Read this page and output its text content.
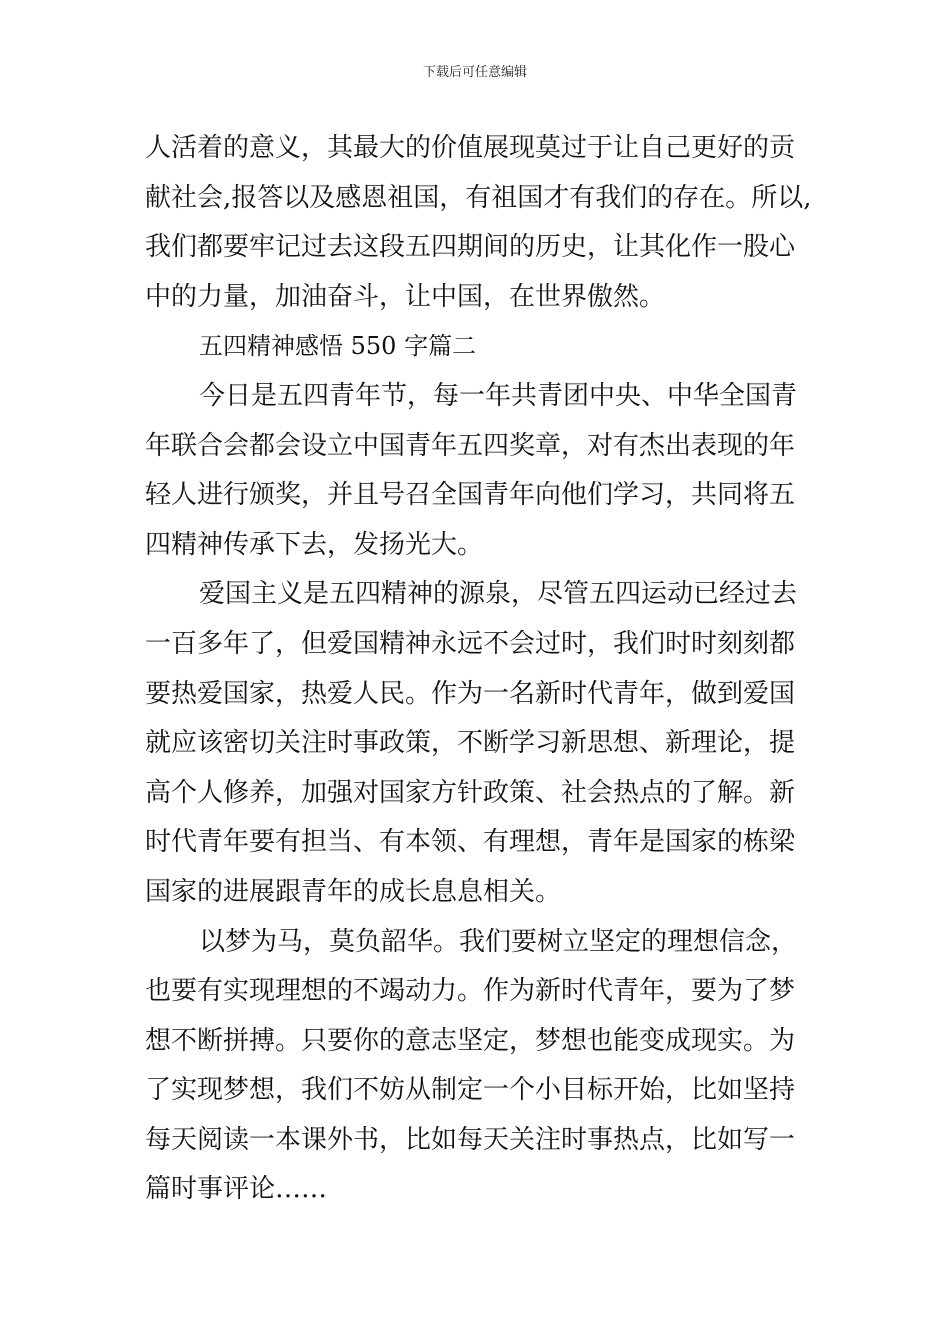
下载后可任意编辑
人活着的意义，其最大的价值展现莫过于让自己更好的贡
献社会,报答以及感恩祖国，有祖国才有我们的存在。所以,
我们都要牢记过去这段五四期间的历史，让其化作一股心
中的力量，加油奋斗，让中国，在世界傲然。
五四精神感悟 550 字篇二
今日是五四青年节，每一年共青团中央、中华全国青
年联合会都会设立中国青年五四奖章，对有杰出表现的年
轻人进行颁奖，并且号召全国青年向他们学习，共同将五
四精神传承下去，发扬光大。
爱国主义是五四精神的源泉，尽管五四运动已经过去
一百多年了，但爱国精神永远不会过时，我们时时刻刻都
要热爱国家，热爱人民。作为一名新时代青年，做到爱国
就应该密切关注时事政策，不断学习新思想、新理论，提
高个人修养，加强对国家方针政策、社会热点的了解。新
时代青年要有担当、有本领、有理想，青年是国家的栋梁
国家的进展跟青年的成长息息相关。
以梦为马，莫负韶华。我们要树立坚定的理想信念，
也要有实现理想的不竭动力。作为新时代青年，要为了梦
想不断拼搏。只要你的意志坚定，梦想也能变成现实。为
了实现梦想，我们不妨从制定一个小目标开始，比如坚持
每天阅读一本课外书，比如每天关注时事热点，比如写一
篇时事评论……
